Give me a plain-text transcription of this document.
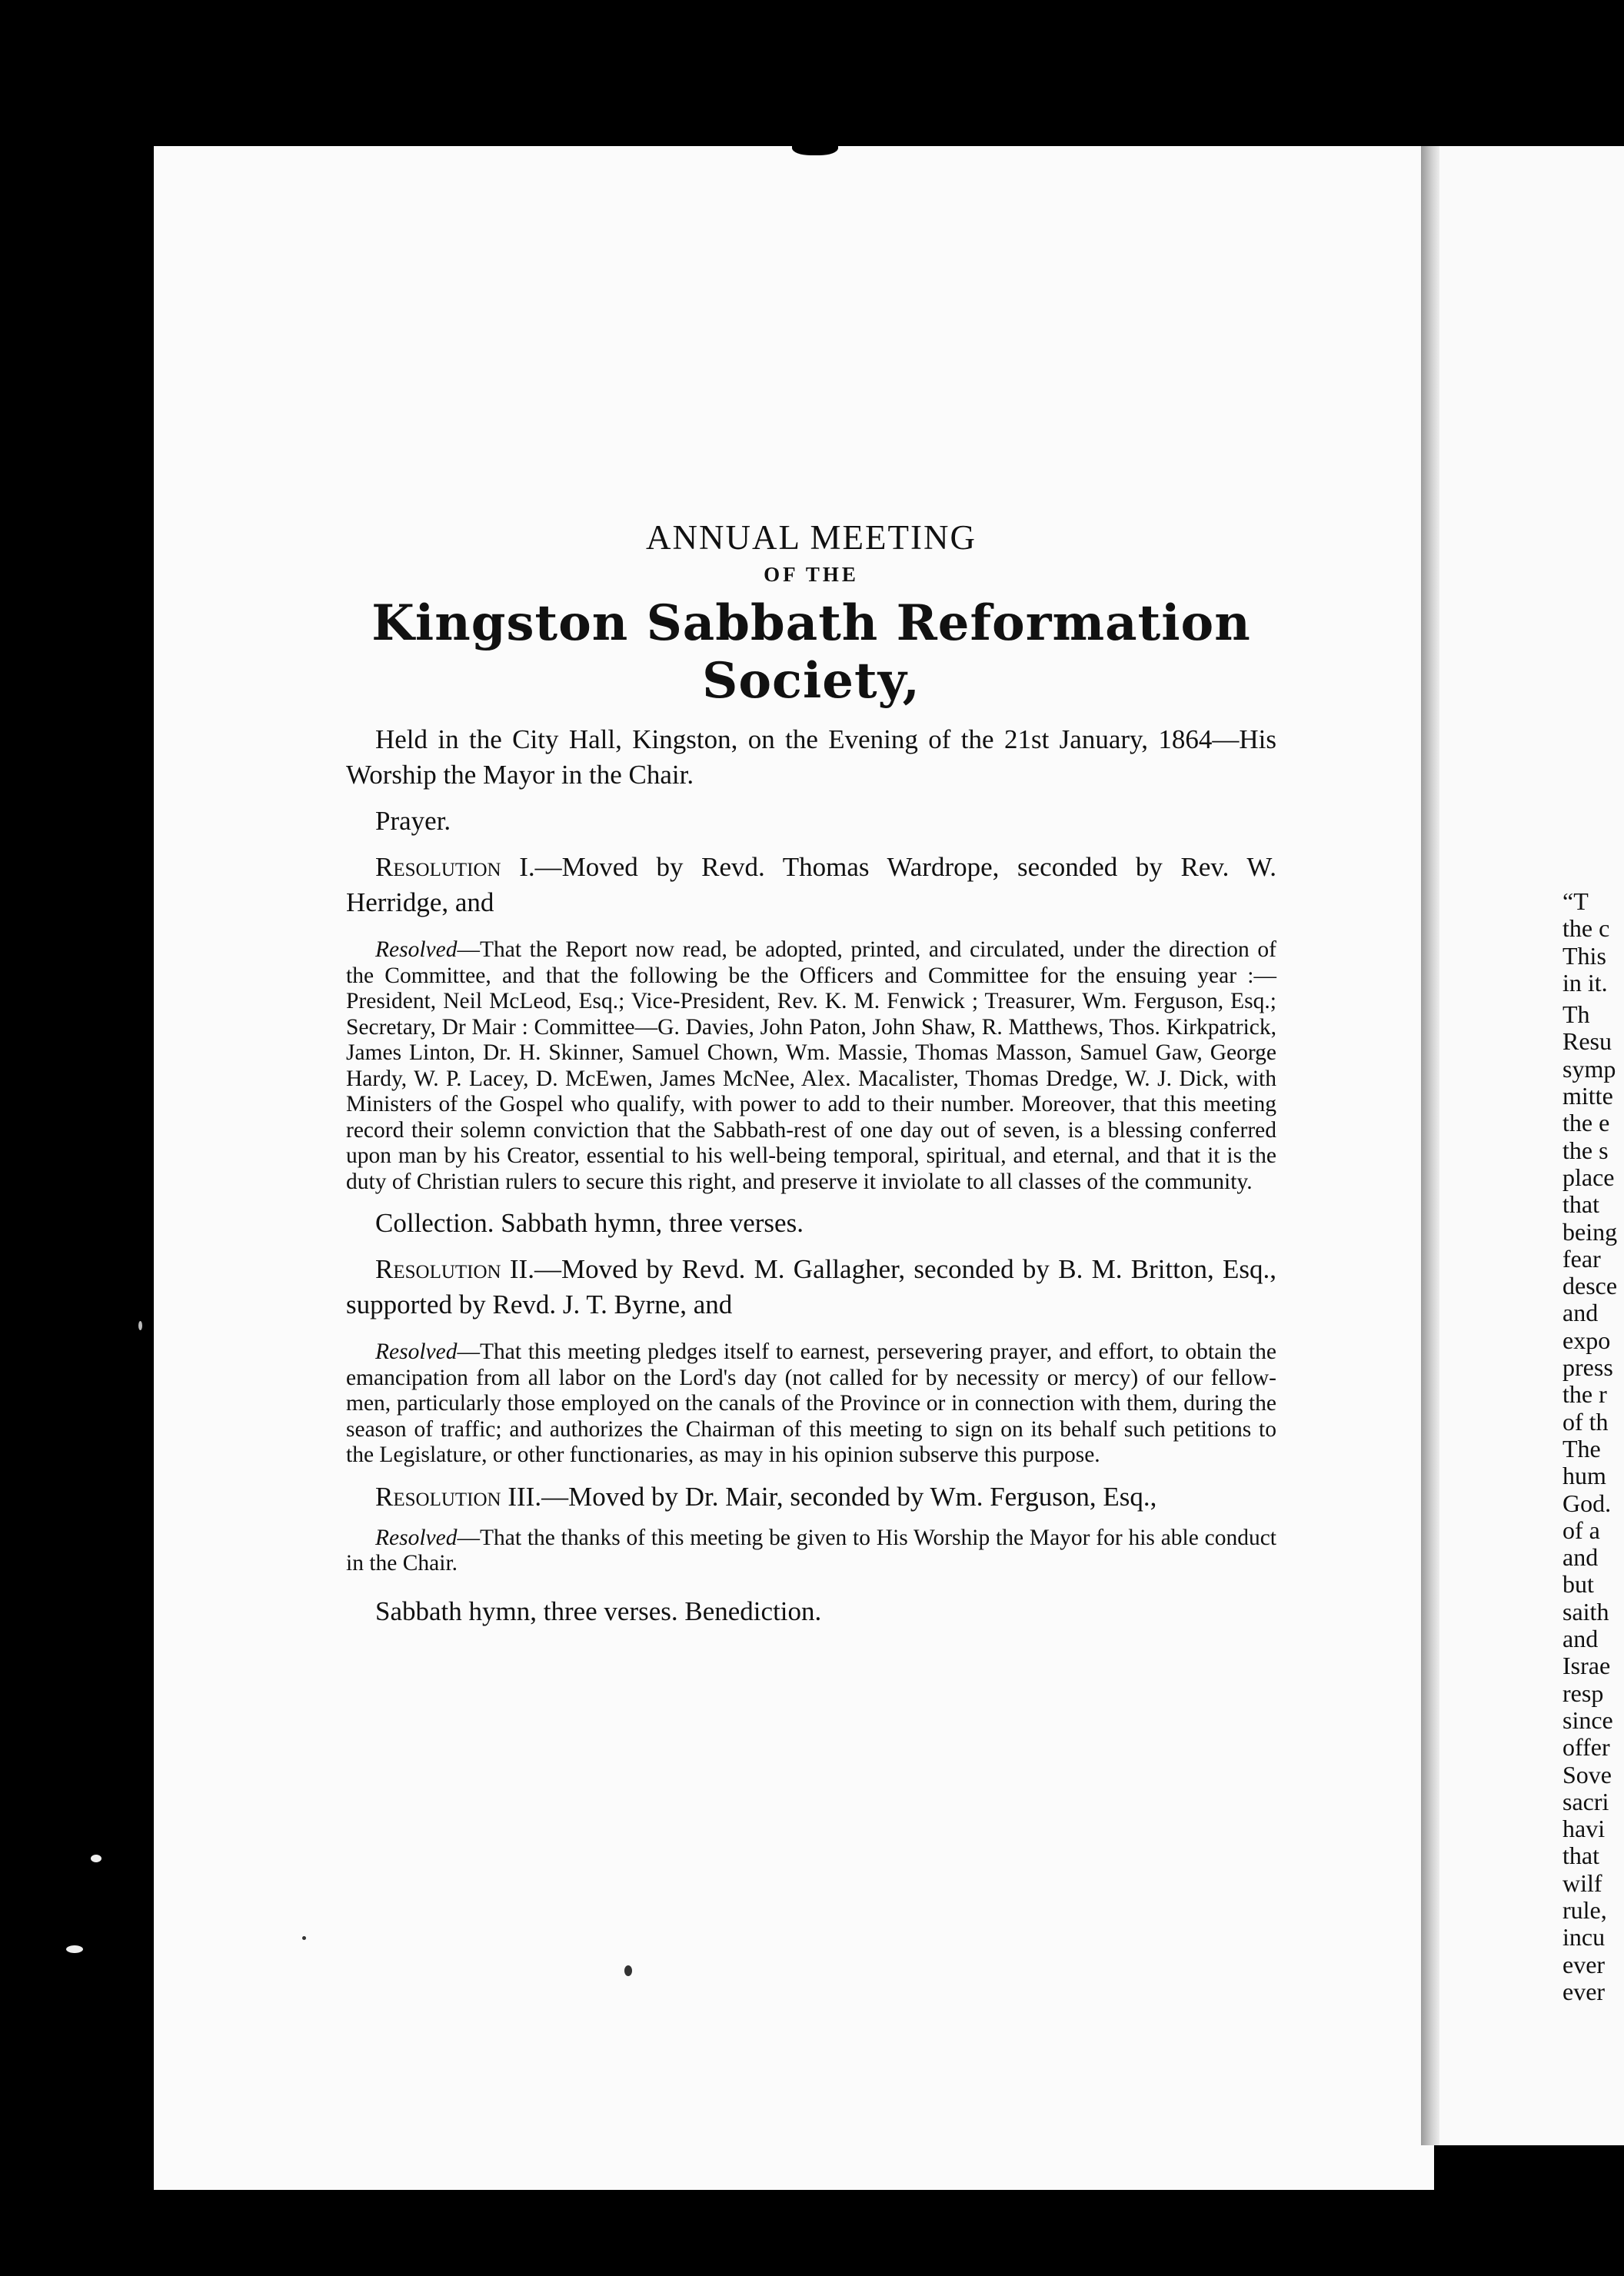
“T
the c
This
in it.
Th
Resu
symp
mitte
the e
the s
place
that
being
fear
desce
and
expo
press
the r
of th
The
hum
God.
of a
and
but
saith
and
Israe
resp
since
offer
Sove
sacri
havi
that
wilf
rule,
incu
ever
ever
ANNUAL MEETING
OF THE
Kingston Sabbath Reformation Society,

Held in the City Hall, Kingston, on the Evening of the 21st January, 1864—His Worship the Mayor in the Chair.

Prayer.

Resolution I.—Moved by Revd. Thomas Wardrope, seconded by Rev. W. Herridge, and

Resolved—That the Report now read, be adopted, printed, and circulated, under the direction of the Committee, and that the following be the Officers and Committee for the ensuing year :—President, Neil McLeod, Esq.; Vice-President, Rev. K. M. Fenwick ; Treasurer, Wm. Ferguson, Esq.; Secretary, Dr Mair : Committee—G. Davies, John Paton, John Shaw, R. Matthews, Thos. Kirkpatrick, James Linton, Dr. H. Skinner, Samuel Chown, Wm. Massie, Thomas Masson, Samuel Gaw, George Hardy, W. P. Lacey, D. McEwen, James McNee, Alex. Macalister, Thomas Dredge, W. J. Dick, with Ministers of the Gospel who qualify, with power to add to their number. Moreover, that this meeting record their solemn conviction that the Sabbath-rest of one day out of seven, is a blessing conferred upon man by his Creator, essential to his well-being temporal, spiritual, and eternal, and that it is the duty of Christian rulers to secure this right, and preserve it inviolate to all classes of the community.

Collection. Sabbath hymn, three verses.

Resolution II.—Moved by Revd. M. Gallagher, seconded by B. M. Britton, Esq., supported by Revd. J. T. Byrne, and

Resolved—That this meeting pledges itself to earnest, persevering prayer, and effort, to obtain the emancipation from all labor on the Lord's day (not called for by necessity or mercy) of our fellow-men, particularly those employed on the canals of the Province or in connection with them, during the season of traffic; and authorizes the Chairman of this meeting to sign on its behalf such petitions to the Legislature, or other functionaries, as may in his opinion subserve this purpose.

Resolution III.—Moved by Dr. Mair, seconded by Wm. Ferguson, Esq.,

Resolved—That the thanks of this meeting be given to His Worship the Mayor for his able conduct in the Chair.

Sabbath hymn, three verses. Benediction.
